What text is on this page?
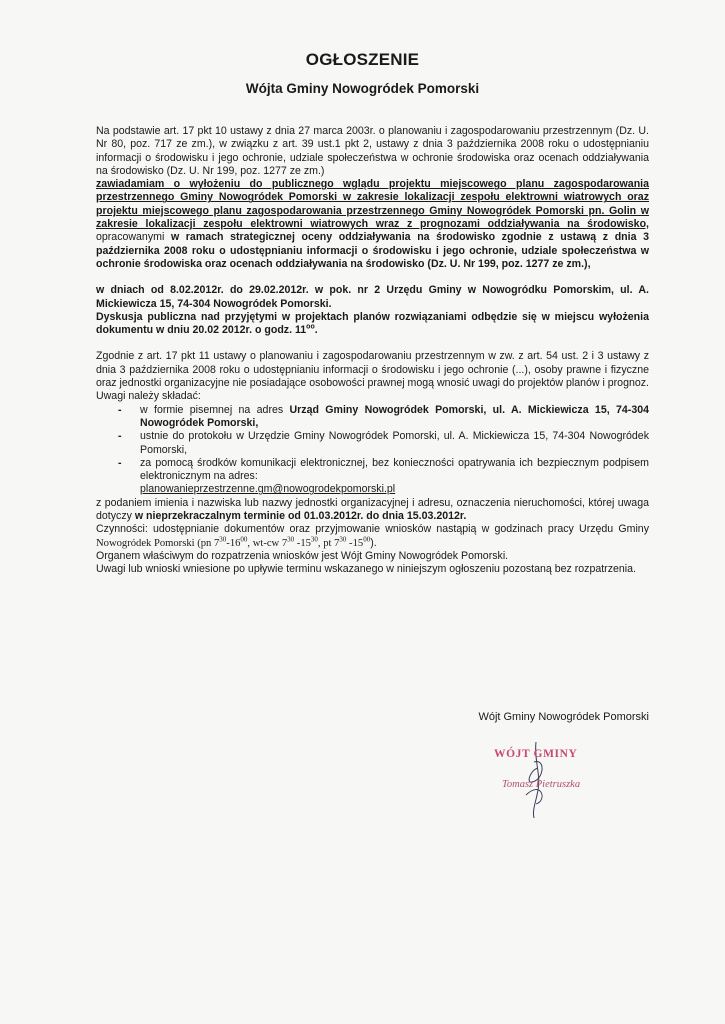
OGŁOSZENIE
Wójta Gminy Nowogródek Pomorski

Na podstawie art. 17 pkt 10 ustawy z dnia 27 marca 2003r. o planowaniu i zagospodarowaniu przestrzennym (Dz. U. Nr 80, poz. 717 ze zm.), w związku z art. 39 ust.1 pkt 2, ustawy z dnia 3 października 2008 roku o udostępnianiu informacji o środowisku i jego ochronie, udziale społeczeństwa w ochronie środowiska oraz ocenach oddziaływania na środowisko (Dz. U. Nr 199, poz. 1277 ze zm.)

zawiadamiam o wyłożeniu do publicznego wglądu projektu miejscowego planu zagospodarowania przestrzennego Gminy Nowogródek Pomorski w zakresie lokalizacji zespołu elektrowni wiatrowych oraz projektu miejscowego planu zagospodarowania przestrzennego Gminy Nowogródek Pomorski pn. Golin w zakresie lokalizacji zespołu elektrowni wiatrowych wraz z prognozami oddziaływania na środowisko, opracowanymi w ramach strategicznej oceny oddziaływania na środowisko zgodnie z ustawą z dnia 3 października 2008 roku o udostępnianiu informacji o środowisku i jego ochronie, udziale społeczeństwa w ochronie środowiska oraz ocenach oddziaływania na środowisko (Dz. U. Nr 199, poz. 1277 ze zm.),

w dniach od 8.02.2012r. do 29.02.2012r. w pok. nr 2 Urzędu Gminy w Nowogródku Pomorskim, ul. A. Mickiewicza 15, 74-304 Nowogródek Pomorski.

Dyskusja publiczna nad przyjętymi w projektach planów rozwiązaniami odbędzie się w miejscu wyłożenia dokumentu w dniu 20.02 2012r. o godz. $11^{oo}$.

Zgodnie z art. 17 pkt 11 ustawy o planowaniu i zagospodarowaniu przestrzennym w zw. z art. 54 ust. 2 i 3 ustawy z dnia 3 października 2008 roku o udostępnianiu informacji o środowisku i jego ochronie (...), osoby prawne i fizyczne oraz jednostki organizacyjne nie posiadające osobowości prawnej mogą wnosić uwagi do projektów planów i prognoz. Uwagi należy składać:

- w formie pisemnej na adres Urząd Gminy Nowogródek Pomorski, ul. A. Mickiewicza 15, 74-304 Nowogródek Pomorski,
- ustnie do protokołu w Urzędzie Gminy Nowogródek Pomorski, ul. A. Mickiewicza 15, 74-304 Nowogródek Pomorski,
- za pomocą środków komunikacji elektronicznej, bez konieczności opatrywania ich bezpiecznym podpisem elektronicznym na adres:
planowanieprzestrzenne.gm@nowogrodekpomorski.pl

z podaniem imienia i nazwiska lub nazwy jednostki organizacyjnej i adresu, oznaczenia nieruchomości, której uwaga dotyczy w nieprzekraczalnym terminie od 01.03.2012r. do dnia 15.03.2012r.

Czynności: udostępnianie dokumentów oraz przyjmowanie wniosków nastąpią w godzinach pracy Urzędu Gminy Nowogródek Pomorski (pn $7^{30}-16^{00}$, wt-cw $7^{30}$ $-15^{30}$, pt $7^{30}$ $-15^{00}$).

Organem właściwym do rozpatrzenia wniosków jest Wójt Gminy Nowogródek Pomorski.

Uwagi lub wnioski wniesione po upływie terminu wskazanego w niniejszym ogłoszeniu pozostaną bez rozpatrzenia.

Wójt Gminy Nowogródek Pomorski
WÓJT GMINY
Tomasz Pietruszka
